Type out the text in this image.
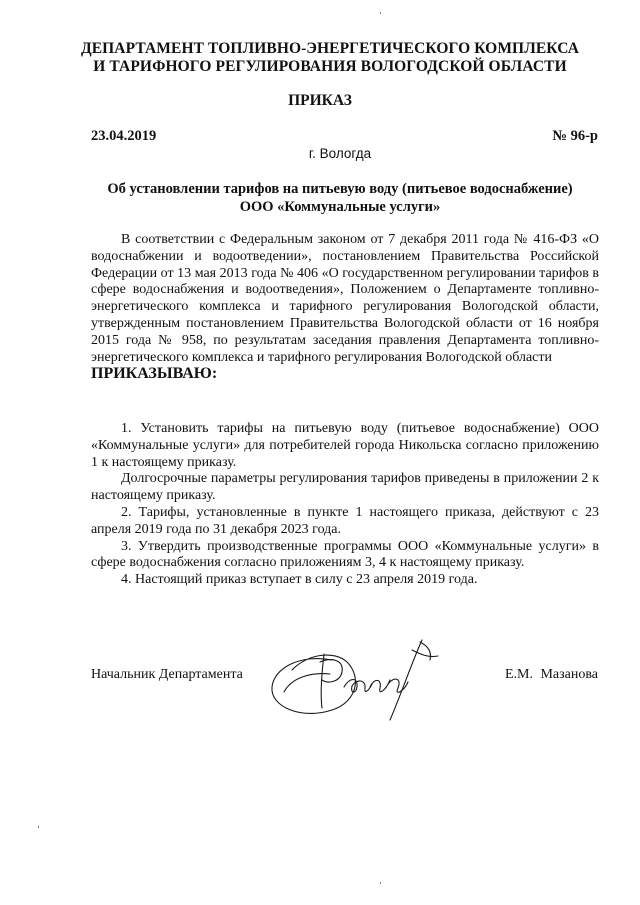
ДЕПАРТАМЕНТ ТОПЛИВНО-ЭНЕРГЕТИЧЕСКОГО КОМПЛЕКСА
И ТАРИФНОГО РЕГУЛИРОВАНИЯ ВОЛОГОДСКОЙ ОБЛАСТИ
ПРИКАЗ
23.04.2019	№ 96-р
г. Вологда
Об установлении тарифов на питьевую воду (питьевое водоснабжение)
ООО «Коммунальные услуги»

В соответствии с Федеральным законом от 7 декабря 2011 года № 416-ФЗ «О водоснабжении и водоотведении», постановлением Правительства Российской Федерации от 13 мая 2013 года № 406 «О государственном регулировании тарифов в сфере водоснабжения и водоотведения», Положением о Департаменте топливно-энергетического комплекса и тарифного регулирования Вологодской области, утвержденным постановлением Правительства Вологодской области от 16 ноября 2015 года № 958, по результатам заседания правления Департамента топливно-энергетического комплекса и тарифного регулирования Вологодской области

ПРИКАЗЫВАЮ:

1. Установить тарифы на питьевую воду (питьевое водоснабжение) ООО «Коммунальные услуги» для потребителей города Никольска согласно приложению 1 к настоящему приказу.

Долгосрочные параметры регулирования тарифов приведены в приложении 2 к настоящему приказу.

2. Тарифы, установленные в пункте 1 настоящего приказа, действуют с 23 апреля 2019 года по 31 декабря 2023 года.

3. Утвердить производственные программы ООО «Коммунальные услуги» в сфере водоснабжения согласно приложениям 3, 4 к настоящему приказу.

4. Настоящий приказ вступает в силу с 23 апреля 2019 года.

Начальник Департамента	Е.М. Мазанова
